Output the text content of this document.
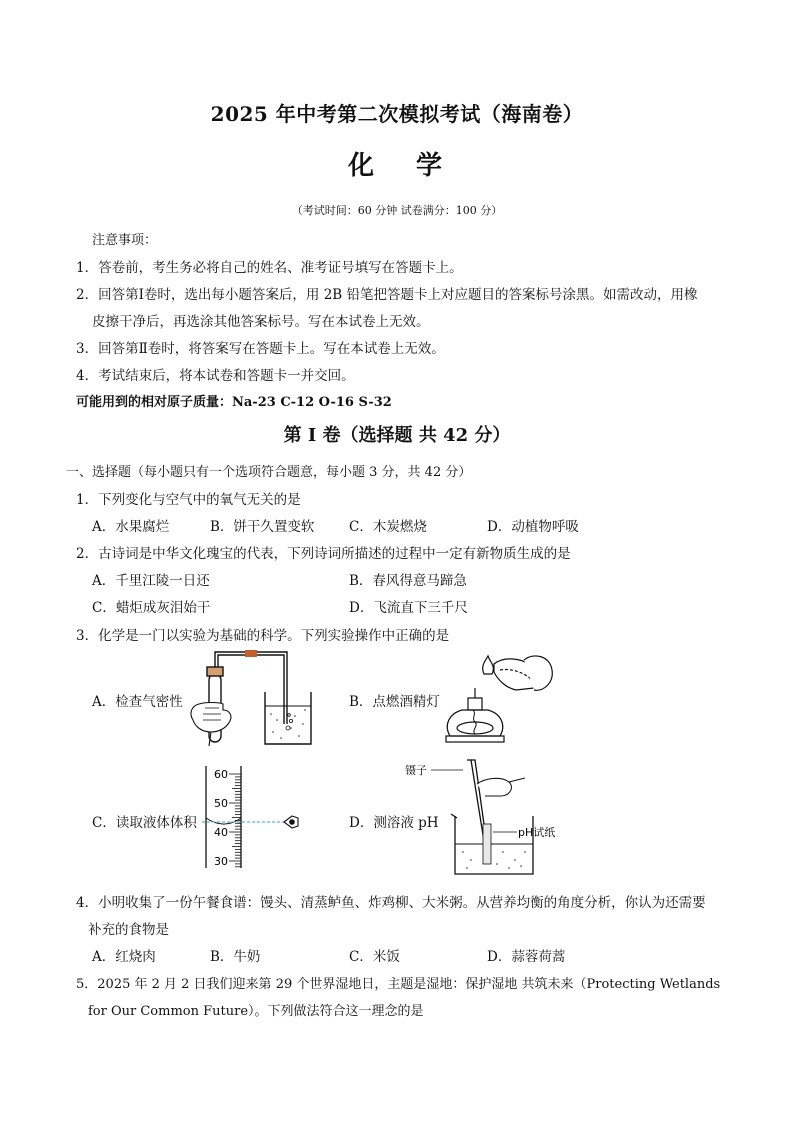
2025 年中考第二次模拟考试（海南卷）
化 学
（考试时间：60 分钟 试卷满分：100 分）
注意事项：
1．答卷前，考生务必将自己的姓名、准考证号填写在答题卡上。
2．回答第Ⅰ卷时，选出每小题答案后，用 2B 铅笔把答题卡上对应题目的答案标号涂黑。如需改动，用橡
皮擦干净后，再选涂其他答案标号。写在本试卷上无效。
3．回答第Ⅱ卷时，将答案写在答题卡上。写在本试卷上无效。
4．考试结束后，将本试卷和答题卡一并交回。
可能用到的相对原子质量：Na-23 C-12 O-16 S-32
第 I 卷（选择题 共 42 分）
一、选择题（每小题只有一个选项符合题意，每小题 3 分，共 42 分）
1．下列变化与空气中的氧气无关的是
A．水果腐烂	B．饼干久置变软	C．木炭燃烧	D．动植物呼吸
2．古诗词是中华文化瑰宝的代表，下列诗词所描述的过程中一定有新物质生成的是
A．千里江陵一日还	B．春风得意马蹄急
C．蜡炬成灰泪始干	D．飞流直下三千尺
3．化学是一门以实验为基础的科学。下列实验操作中正确的是
A．检查气密性	B．点燃酒精灯
C．读取液体体积	D．测溶液 pH
60
50
40
30
镊子
pH试纸
4．小明收集了一份午餐食谱：馒头、清蒸鲈鱼、炸鸡柳、大米粥。从营养均衡的角度分析，你认为还需要
补充的食物是
A．红烧肉	B．牛奶	C．米饭	D．蒜蓉荷蒿
5．2025 年 2 月 2 日我们迎来第 29 个世界湿地日，主题是湿地：保护湿地 共筑未来（Protecting Wetlands
for Our Common Future）。下列做法符合这一理念的是
